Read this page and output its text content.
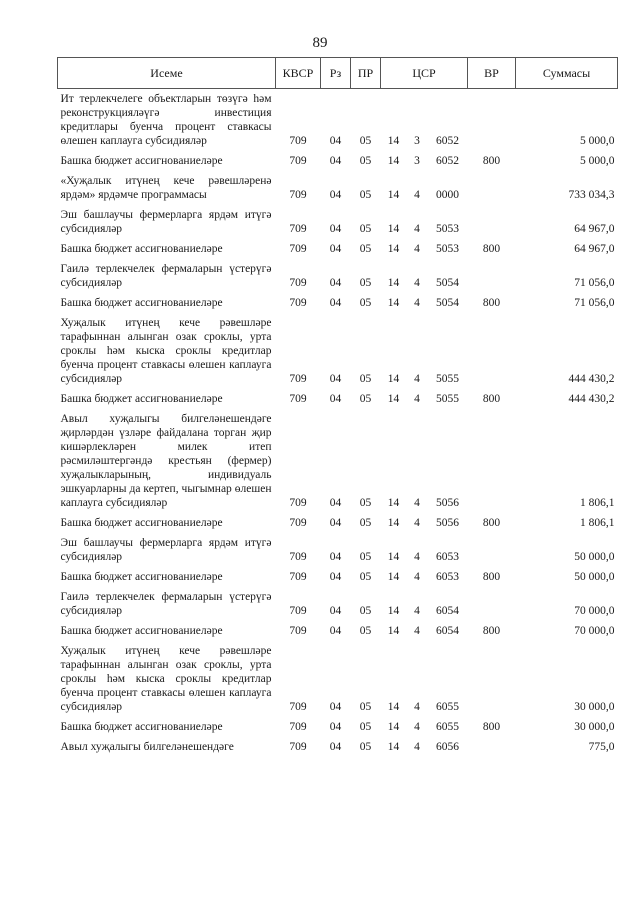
89
Исеме	КВСР	Рз	ПР	ЦСР			ВР	Суммасы
Ит терлекчелеге объектларын төзүгә һәм реконструкцияләүгә инвестиция кредитлары буенча процент ставкасы өлешен каплауга субсидияләр	709	04	05	14	3	6052		5 000,0
Башка бюджет ассигнованиеләре	709	04	05	14	3	6052	800	5 000,0
«Хуҗалык итүнең кече рәвешләренә ярдәм» ярдәмче программасы	709	04	05	14	4	0000		733 034,3
Эш башлаучы фермерларга ярдәм итүгә субсидияләр	709	04	05	14	4	5053		64 967,0
Башка бюджет ассигнованиеләре	709	04	05	14	4	5053	800	64 967,0
Гаилә терлекчелек фермаларын үстерүгә субсидияләр	709	04	05	14	4	5054		71 056,0
Башка бюджет ассигнованиеләре	709	04	05	14	4	5054	800	71 056,0
Хуҗалык итүнең кече рәвешләре тарафыннан алынган озак сроклы, урта сроклы һәм кыска сроклы кредитлар буенча процент ставкасы өлешен каплауга субсидияләр	709	04	05	14	4	5055		444 430,2
Башка бюджет ассигнованиеләре	709	04	05	14	4	5055	800	444 430,2
Авыл хуҗалыгы билгеләнешендәге җирләрдән үзләре файдалана торган җир кишәрлекләрен милек итеп рәсмиләштергәндә крестьян (фермер) хуҗалыкларының, индивидуаль эшкуарларны да кертеп, чыгымнар өлешен каплауга субсидияләр	709	04	05	14	4	5056		1 806,1
Башка бюджет ассигнованиеләре	709	04	05	14	4	5056	800	1 806,1
Эш башлаучы фермерларга ярдәм итүгә субсидияләр	709	04	05	14	4	6053		50 000,0
Башка бюджет ассигнованиеләре	709	04	05	14	4	6053	800	50 000,0
Гаилә терлекчелек фермаларын үстерүгә субсидияләр	709	04	05	14	4	6054		70 000,0
Башка бюджет ассигнованиеләре	709	04	05	14	4	6054	800	70 000,0
Хуҗалык итүнең кече рәвешләре тарафыннан алынган озак сроклы, урта сроклы һәм кыска сроклы кредитлар буенча процент ставкасы өлешен каплауга субсидияләр	709	04	05	14	4	6055		30 000,0
Башка бюджет ассигнованиеләре	709	04	05	14	4	6055	800	30 000,0
Авыл хуҗалыгы билгеләнешендәге	709	04	05	14	4	6056		775,0
